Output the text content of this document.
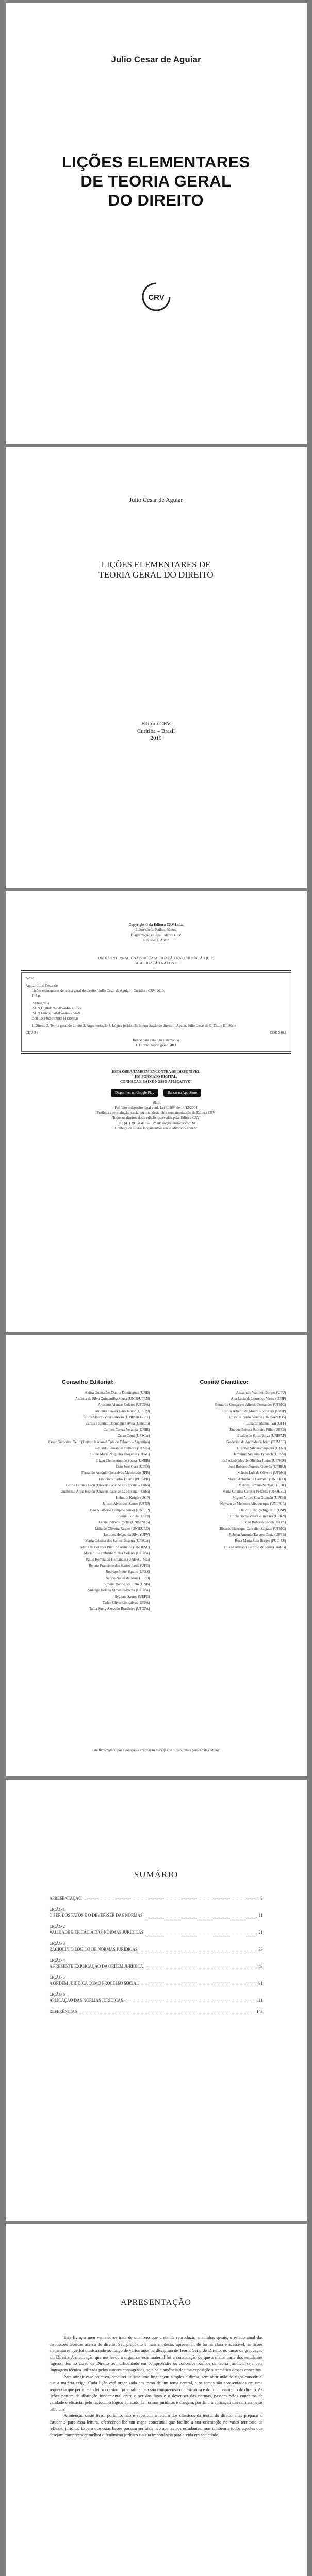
Julio Cesar de Aguiar
LIÇÕES ELEMENTARES
DE TEORIA GERAL
DO DIREITO
CRV
Julio Cesar de Aguiar
LIÇÕES ELEMENTARES DE
TEORIA GERAL DO DIREITO
Editora CRV
Curitiba – Brasil
2019
Copyright © da Editora CRV Ltda.
Editor-chefe: Railson Moura
Diagramação e Capa: Editora CRV
Revisão: O Autor
DADOS INTERNACIONAIS DE CATALOGAÇÃO NA PUBLICAÇÃO (CIP)
CATALOGAÇÃO NA FONTE
A282
Aguiar, Julio Cesar de
Lições elementares de teoria geral do direito / Julio Cesar de Aguiar – Curitiba : CRV, 2019.
148 p.
Bibliografia
ISBN Digital: 978-85-444-3057-5
ISBN Físico: 978-85-444-3056-8
DOI 10.24824/978854443056.8
1. Direito 2. Teoria geral do direito 3. Argumentação 4. Lógica jurídica 5. Interpretação do direito I. Aguiar, Julio Cesar de II. Título III. Série
CDU 34	CDD 340.1
Índice para catálogo sistemático
1. Direito: teoria geral 340.1
ESTA OBRA TAMBÉM ENCONTRA-SE DISPONÍVEL
EM FORMATO DIGITAL.
CONHEÇA E BAIXE NOSSO APLICATIVO!
Disponível no Google Play	Baixar na App Store
2019
Foi feito o depósito legal conf. Lei 10.994 de 14/12/2004
Proibida a reprodução parcial ou total desta obra sem autorização da Editora CRV
Todos os direitos desta edição reservados pela: Editora CRV
Tel.: (41) 3039-6418 – E-mail: sac@editoracrv.com.br
Conheça os nossos lançamentos: www.editoracrv.com.br
Conselho Editorial:

Aldira Guimarães Duarte Domínguez (UNB)

Andréia da Silva Quintanilha Sousa (UNIR/UFRN)

Anselmo Alencar Colares (UFOPA)

Antônio Pereira Gaio Júnior (UFRRJ)

Carlos Alberto Vilar Estêvão (UMINHO – PT)

Carlos Federico Dominguez Avila (Unieuro)

Carmen Tereza Velanga (UNIR)

Celso Conti (UFSCar)

Cesar Gerónimo Tello (Univer. Nacional Três de Febrero – Argentina)

Eduardo Fernandes Barbosa (UFMG)

Elione Maria Nogueira Diogenes (UFAL)

Elizeu Clementino de Souza (UNEB)

Élsio José Corá (UFFS)

Fernando Antônio Gonçalves Alcoforado (IPB)

Francisco Carlos Duarte (PUC-PR)

Gloria Fariñas León (Universidade de La Havana – Cuba)

Guillermo Arias Beatón (Universidade de La Havana – Cuba)

Helmuth Krüger (UCP)

Jailson Alves dos Santos (UFRJ)

João Adalberto Campato Junior (UNESP)

Josania Portela (UFPI)

Leonel Severo Rocha (UNISINOS)

Lídia de Oliveira Xavier (UNIEURO)

Lourdes Helena da Silva (UFV)

Maria Cristina dos Santos Bezerra (UFSCar)

Maria de Lourdes Pinto de Almeida (UNOESC)

Maria Lília Imbiriba Sousa Colares (UFOPA)

Paulo Romualdo Hernandes (UNIFAL-MG)

Renato Francisco dos Santos Paula (UFG)

Rodrigo Pratte-Santos (UFES)

Sérgio Nunes de Jesus (IFRO)

Simone Rodrigues Pinto (UNB)

Solange Helena Ximenes-Rocha (UFOPA)

Sydione Santos (UEPG)

Tadeu Oliver Gonçalves (UFPA)

Tania Suely Azevedo Brasileiro (UFOPA)

Comitê Científico:

Alexandre Walmott Borges (UFU)

Ana Lúcia de Lourenço Vieira (UFJF)

Bernardo Gonçalves Alfredo Fernandes (UFMG)

Carlos Alberto de Moura Rodrigues (UNIP)

Edson Ricardo Saleme (UNISANTOS)

Eduardo Manuel Val (UFF)

Enoque Feitosa Sobreira Filho (UFPB)

Evaldo de Souza Silva (UNIFAP)

Frederico de Andrade Gabrich (FUMEC)

Gustavo Silveira Siqueira (UERJ)

Jerônimo Siqueira Tybusch (UFSM)

José Alcebíades de Oliveira Junior (UFRGS)

José Roberto Ferreira Gouvêa (UFRRJ)

Márcio Luís de Oliveira (UFMG)

Marco Antonio de Carvalho (UNIFIEO)

Marcus Firmino Santiago (UDF)

Maria Cristina Cereser Pezzella (UNOESC)

Miguel Arturo Cha Guzmán (UPCH)

Newton de Menezes Albuquerque (UNIFOR)

Otávio Luiz Rodrigues Jr (USP)

Patrícia Borba Vilar Guimarães (UFRN)

Paulo Roberto Cohen (UFPA)

Ricardo Henrique Carvalho Salgado (UFMG)

Robson Antonio Tavares Costa (UFPB)

Rosa Maria Zaia Borges (PUC-RS)

Thiago Allisson Cardoso de Jesus (UNDB)

Este livro passou por avaliação e aprovação às cegas de dois ou mais pareceristas ad hoc.
SUMÁRIO
APRESENTAÇÃO	9
LIÇÃO 1
O SER DOS FATOS E O DEVER-SER DAS NORMAS	11
LIÇÃO 2
VALIDADE E EFICÁCIA DAS NORMAS JURÍDICAS	21
LIÇÃO 3
RACIOCÍNIO LÓGICO DE NORMAS JURÍDICAS	39
LIÇÃO 4
A PRESENTE EXPLICAÇÃO DA ORDEM JURÍDICA	69
LIÇÃO 5
A ORDEM JURÍDICA COMO PROCESSO SOCIAL	91
LIÇÃO 6
APLICAÇÃO DAS NORMAS JURÍDICAS	111
REFERÊNCIAS	143
APRESENTAÇÃO

Este livro, a meu ver, não se trata de um livro que pretenda reproduzir, em linhas gerais, o estado atual das discussões teóricas acerca do direito. Seu propósito é mais modesto: apresentar, de forma clara e acessível, as lições elementares que fui ministrando ao longo de vários anos na disciplina de Teoria Geral do Direito, no curso de graduação em Direito. A motivação que me levou a organizar este material foi a constatação de que a maior parte dos estudantes ingressantes no curso de Direito tem dificuldade em compreender os conceitos básicos da teoria jurídica, seja pela linguagem técnica utilizada pelos autores consagrados, seja pela ausência de uma exposição sistemática desses conceitos.

Para atingir esse objetivo, procurei utilizar uma linguagem simples e direta, sem abrir mão do rigor conceitual que a matéria exige. Cada lição está organizada em torno de um tema central, e os temas são apresentados em uma sequência que permite ao leitor construir gradualmente a sua compreensão da estrutura e do funcionamento do direito. As lições partem da distinção fundamental entre o ser dos fatos e o dever-ser das normas, passam pelos conceitos de validade e eficácia, pelo raciocínio lógico aplicado às normas jurídicas e chegam, por fim, à aplicação das normas pelos tribunais.

A intenção deste livro, portanto, não é substituir a leitura dos clássicos da teoria do direito, mas preparar o estudante para essa leitura, oferecendo-lhe um mapa conceitual que facilite a sua orientação no vasto território da reflexão jurídica. Espero que estas lições possam ser úteis não apenas aos estudantes, mas também a todos aqueles que desejam compreender melhor o fenômeno jurídico e a sua importância para a vida em sociedade.
